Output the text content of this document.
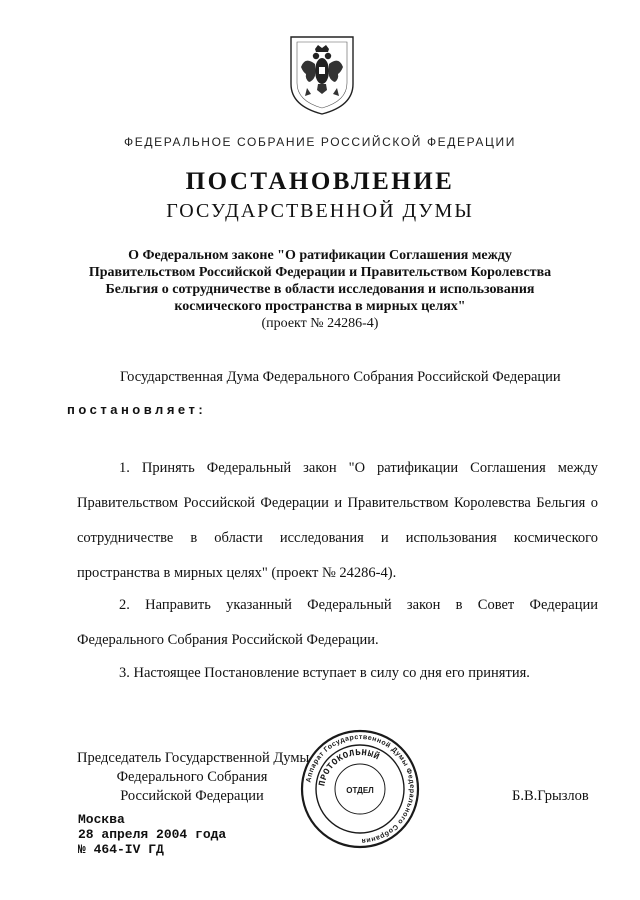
ФЕДЕРАЛЬНОЕ СОБРАНИЕ РОССИЙСКОЙ ФЕДЕРАЦИИ
ПОСТАНОВЛЕНИЕ
ГОСУДАРСТВЕННОЙ ДУМЫ
О Федеральном законе "О ратификации Соглашения между
Правительством Российской Федерации и Правительством Королевства
Бельгия о сотрудничестве в области исследования и использования
космического пространства в мирных целях"
(проект № 24286-4)
Государственная Дума Федерального Собрания Российской Федерации
постановляет:
1. Принять Федеральный закон "О ратификации Соглашения между Правительством Российской Федерации и Правительством Королевства Бельгия о сотрудничестве в области исследования и использования космического пространства в мирных целях" (проект № 24286-4).
2. Направить указанный Федеральный закон в Совет Федерации Федерального Собрания Российской Федерации.
3. Настоящее Постановление вступает в силу со дня его принятия.
Председатель Государственной Думы
Федерального Собрания
Российской Федерации
Аппарат Государственной Думы Федерального Собрания
ПРОТОКОЛЬНЫЙ
ОТДЕЛ	Б.В.Грызлов
Москва
28 апреля 2004 года
№ 464-IV ГД
